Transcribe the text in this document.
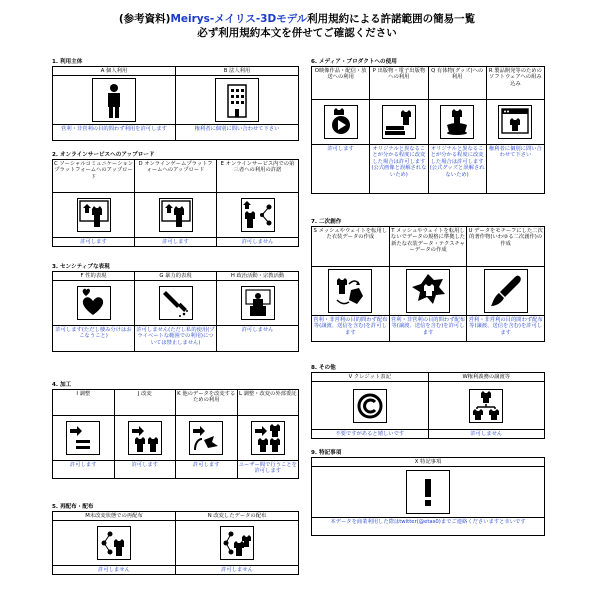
(参考資料)Meirys-メイリス-3Dモデル利用規約による許諾範囲の簡易一覧
必ず利用規約本文を併せてご確認ください
1. 利用主体
A 個人利用
営利・非営利の目的問わず利用を許可します
B 法人利用
権利者に個別に問い合わせて下さい
2. オンラインサービスへのアップロード
C ソーシャルコミュニケーションプラットフォームへのアップロード
許可します
D オンラインゲームプラットフォームへのアップロード
許可します
E オンラインサービス内での第三者への利用の許諾
許可しません
3. センシティブな表現
F 性的表現
許可します(ただし棲み分けはおこなうこと)
G 暴力的表現
許可しません(ただし私的使用(プライベートな範囲での利用)については禁止しません)
H 政治活動・宗教活動
許可しません
4. 加工
I 調整
許可します
J 改変
許可します
K 他のデータを改変するための利用
許可します
L 調整・改変の外部委託
ユーザー間で行うことを許可します
5. 再配布・配布
M未改変状態での再配布
許可しません
N 改変したデータの配布
許可しません
6. メディア・プロダクトへの使用
O映像作品・配信・放送への利用
許可します
P 出版物・電子出版物への利用
オリジナルと異なることが分かる程度に改変した場合は許可します(公式画像と誤解されないため)
Q 有体物(グッズ)への利用
オリジナルと異なることが分かる程度に改変した場合は許可します(公式グッズと誤解されないため)
R 製品開発等のためのソフトウェアへの組み込み
権利者に個別に問い合わせて下さい
7. 二次創作
S メッシュやウェイトを転用した衣装データの作成
営利・非営利の目的問わず配布等(譲渡、送信を含む)を許可します
T メッシュやウェイトを転用しないでデータの規格に準拠した新たな衣装データ・テクスチャーデータの作成
営利・非営利の目的問わず配布等(譲渡、送信を含む)を許可します
U データをモチーフにした二次的著作物(いわゆる二次創作)の作成
営利・非営利の目的問わず配布等(譲渡、送信を含む)を許可します
8. その他
V クレジット表記
不要ですがあると嬉しいです
W権利義務の譲渡等
許可しません
9. 特記事項
X 特記事項
本データを商業利用した際はtwitter(@etas0)までご連絡くださいますと幸いです
